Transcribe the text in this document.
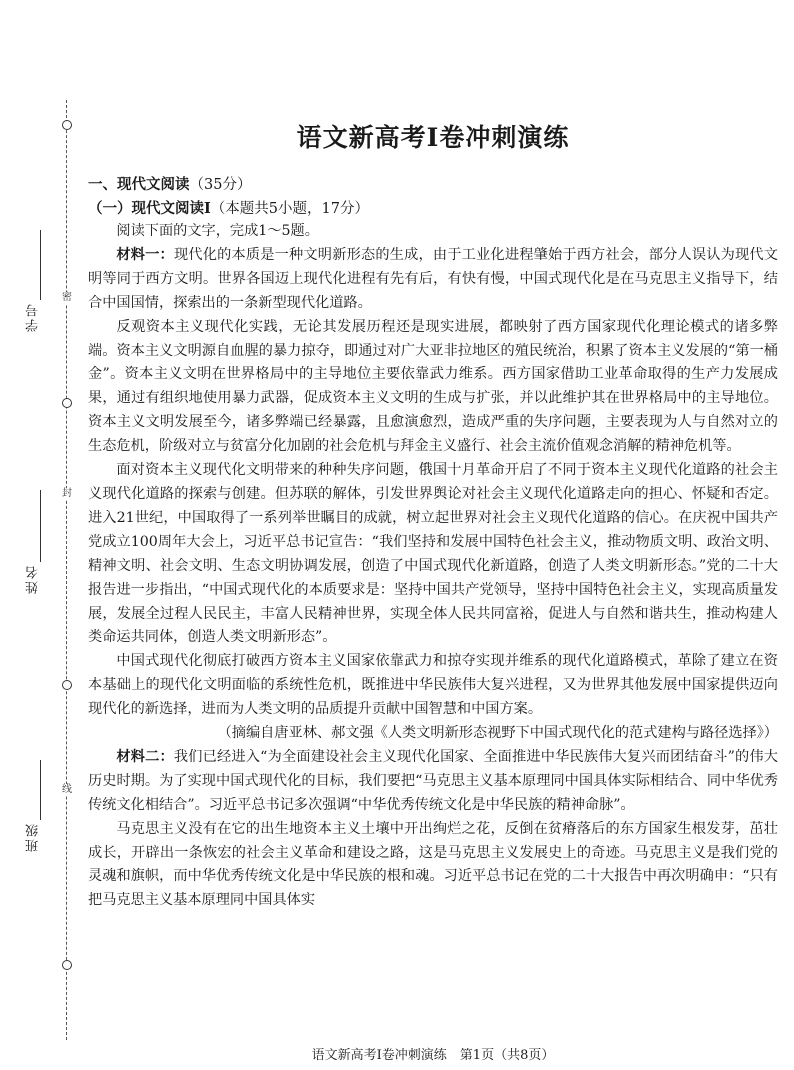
密
封
线
学号
姓名
班级
语文新高考Ⅰ卷冲刺演练
一、现代文阅读（35分）
（一）现代文阅读Ⅰ（本题共5小题，17分）

阅读下面的文字，完成1～5题。

材料一：现代化的本质是一种文明新形态的生成，由于工业化进程肇始于西方社会，部分人误认为现代文明等同于西方文明。世界各国迈上现代化进程有先有后，有快有慢，中国式现代化是在马克思主义指导下，结合中国国情，探索出的一条新型现代化道路。

反观资本主义现代化实践，无论其发展历程还是现实进展，都映射了西方国家现代化理论模式的诸多弊端。资本主义文明源自血腥的暴力掠夺，即通过对广大亚非拉地区的殖民统治，积累了资本主义发展的“第一桶金”。资本主义文明在世界格局中的主导地位主要依靠武力维系。西方国家借助工业革命取得的生产力发展成果，通过有组织地使用暴力武器，促成资本主义文明的生成与扩张，并以此维护其在世界格局中的主导地位。资本主义文明发展至今，诸多弊端已经暴露，且愈演愈烈，造成严重的失序问题，主要表现为人与自然对立的生态危机，阶级对立与贫富分化加剧的社会危机与拜金主义盛行、社会主流价值观念消解的精神危机等。

面对资本主义现代化文明带来的种种失序问题，俄国十月革命开启了不同于资本主义现代化道路的社会主义现代化道路的探索与创建。但苏联的解体，引发世界舆论对社会主义现代化道路走向的担心、怀疑和否定。进入21世纪，中国取得了一系列举世瞩目的成就，树立起世界对社会主义现代化道路的信心。在庆祝中国共产党成立100周年大会上，习近平总书记宣告：“我们坚持和发展中国特色社会主义，推动物质文明、政治文明、精神文明、社会文明、生态文明协调发展，创造了中国式现代化新道路，创造了人类文明新形态。”党的二十大报告进一步指出，“中国式现代化的本质要求是：坚持中国共产党领导，坚持中国特色社会主义，实现高质量发展，发展全过程人民民主，丰富人民精神世界，实现全体人民共同富裕，促进人与自然和谐共生，推动构建人类命运共同体，创造人类文明新形态”。

中国式现代化彻底打破西方资本主义国家依靠武力和掠夺实现并维系的现代化道路模式，革除了建立在资本基础上的现代化文明面临的系统性危机，既推进中华民族伟大复兴进程，又为世界其他发展中国家提供迈向现代化的新选择，进而为人类文明的品质提升贡献中国智慧和中国方案。

（摘编自唐亚林、郝文强《人类文明新形态视野下中国式现代化的范式建构与路径选择》）

材料二：我们已经进入“为全面建设社会主义现代化国家、全面推进中华民族伟大复兴而团结奋斗”的伟大历史时期。为了实现中国式现代化的目标，我们要把“马克思主义基本原理同中国具体实际相结合、同中华优秀传统文化相结合”。习近平总书记多次强调“中华优秀传统文化是中华民族的精神命脉”。

马克思主义没有在它的出生地资本主义土壤中开出绚烂之花，反倒在贫瘠落后的东方国家生根发芽，茁壮成长，开辟出一条恢宏的社会主义革命和建设之路，这是马克思主义发展史上的奇迹。马克思主义是我们党的灵魂和旗帜，而中华优秀传统文化是中华民族的根和魂。习近平总书记在党的二十大报告中再次明确申：“只有把马克思主义基本原理同中国具体实

语文新高考Ⅰ卷冲刺演练　第1页（共8页）
